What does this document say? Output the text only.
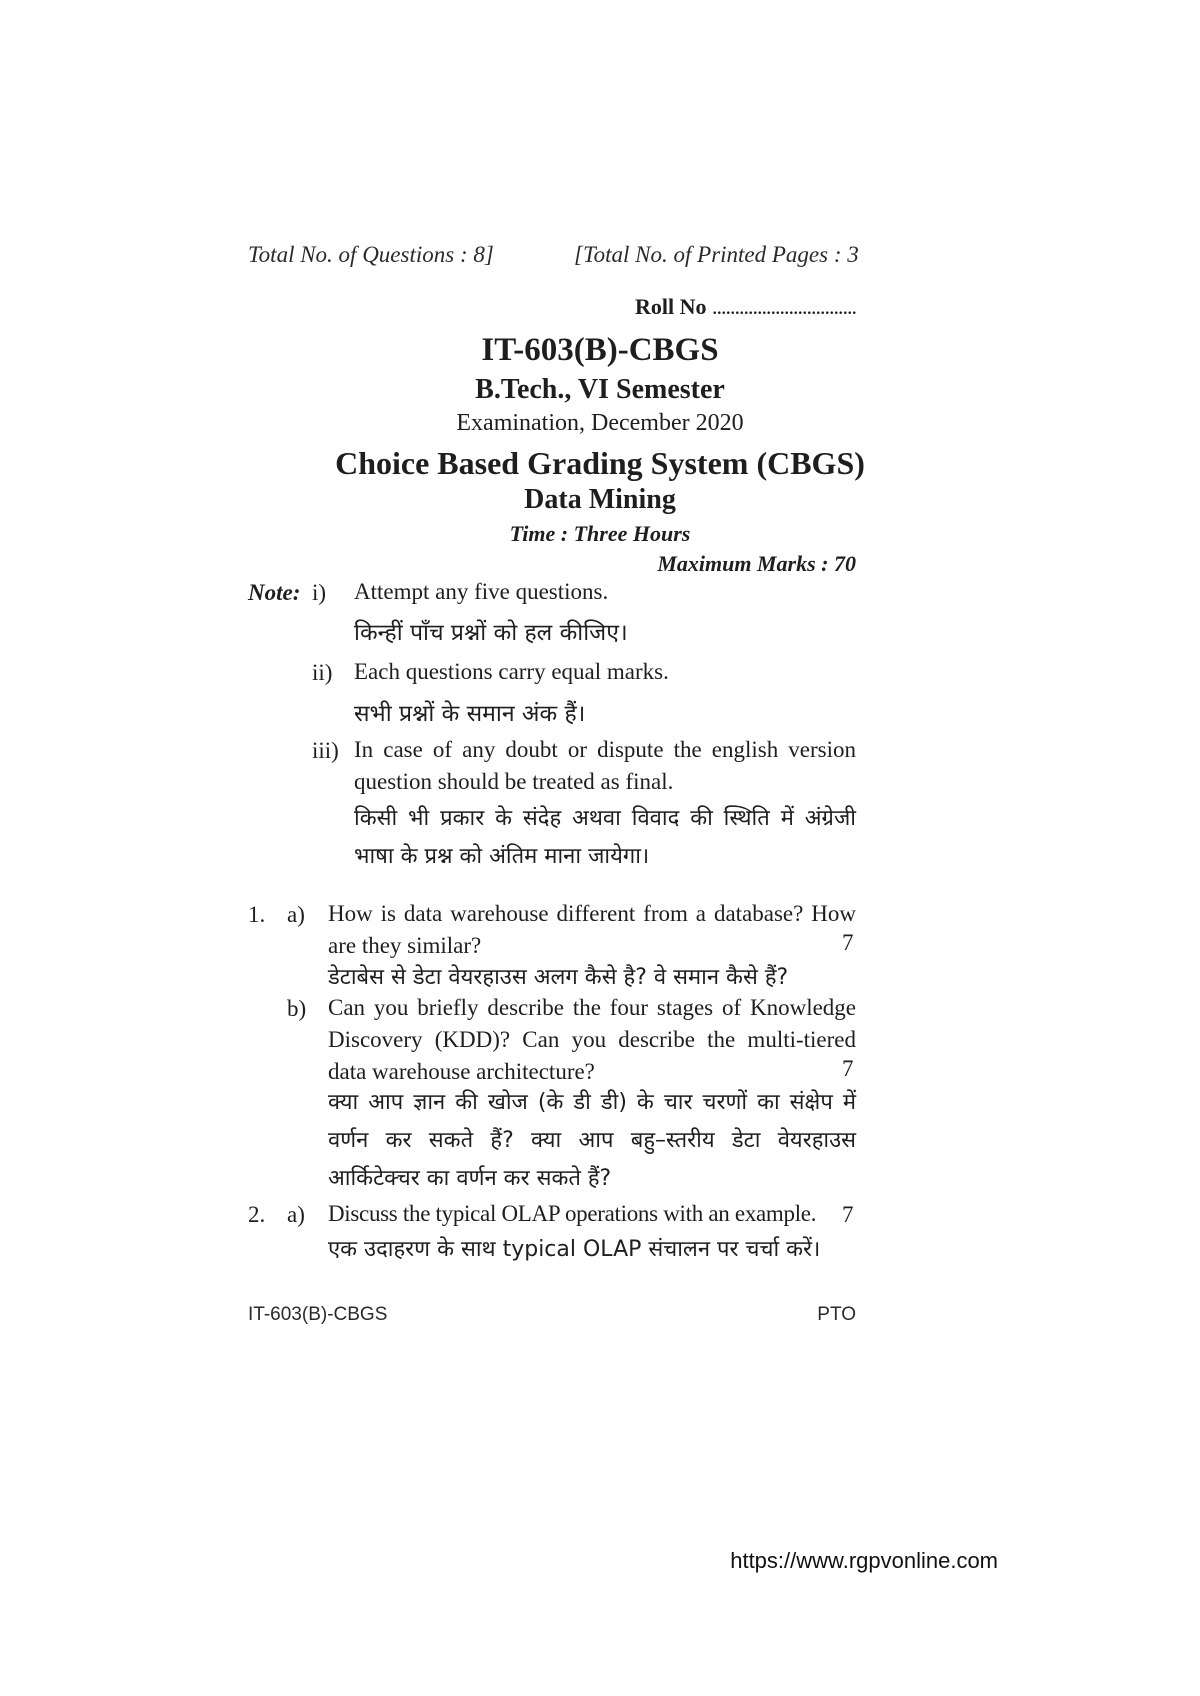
Total No. of Questions : 8]	[Total No. of Printed Pages : 3
Roll No ................................
IT-603(B)-CBGS
B.Tech., VI Semester
Examination, December 2020
Choice Based Grading System (CBGS)
Data Mining
Time : Three Hours
Maximum Marks : 70
Note: i) Attempt any five questions.
किन्हीं पाँच प्रश्नों को हल कीजिए।
ii) Each questions carry equal marks.
सभी प्रश्नों के समान अंक हैं।
iii) In case of any doubt or dispute the english version question should be treated as final.
किसी भी प्रकार के संदेह अथवा विवाद की स्थिति में अंग्रेजी भाषा के प्रश्न को अंतिम माना जायेगा।
1. a) How is data warehouse different from a database? How are they similar?	7
डेटाबेस से डेटा वेयरहाउस अलग कैसे है? वे समान कैसे हैं?
b) Can you briefly describe the four stages of Knowledge Discovery (KDD)? Can you describe the multi-tiered data warehouse architecture?	7
क्या आप ज्ञान की खोज (के डी डी) के चार चरणों का संक्षेप में वर्णन कर सकते हैं? क्या आप बहु–स्तरीय डेटा वेयरहाउस आर्किटेक्चर का वर्णन कर सकते हैं?
2. a) Discuss the typical OLAP operations with an example.	7
एक उदाहरण के साथ typical OLAP संचालन पर चर्चा करें।
IT-603(B)-CBGS	PTO
https://www.rgpvonline.com
